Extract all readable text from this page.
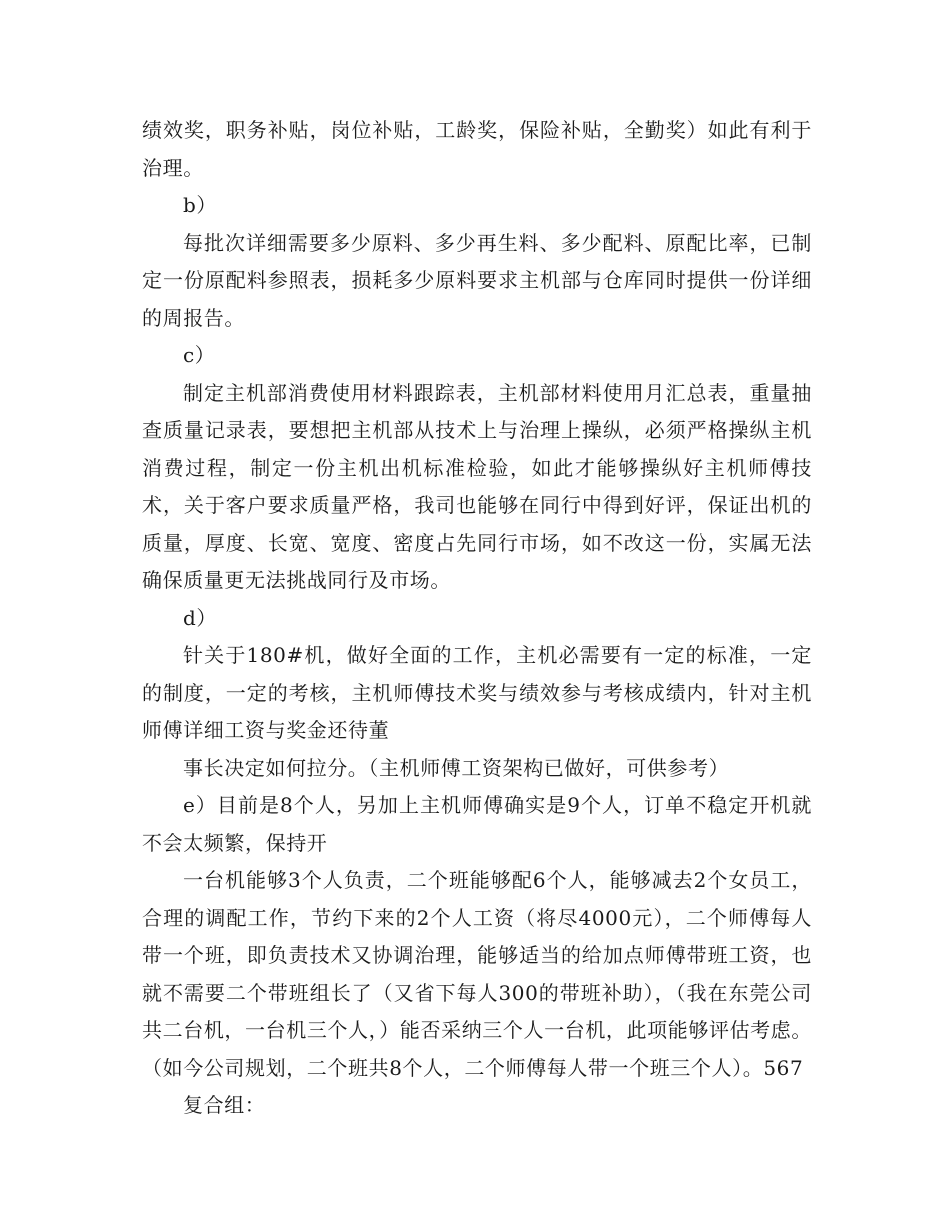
绩效奖，职务补贴，岗位补贴，工龄奖，保险补贴，全勤奖）如此有利于治理。

b）

每批次详细需要多少原料、多少再生料、多少配料、原配比率，已制定一份原配料参照表，损耗多少原料要求主机部与仓库同时提供一份详细的周报告。

c）

制定主机部消费使用材料跟踪表，主机部材料使用月汇总表，重量抽查质量记录表，要想把主机部从技术上与治理上操纵，必须严格操纵主机消费过程，制定一份主机出机标准检验，如此才能够操纵好主机师傅技术，关于客户要求质量严格，我司也能够在同行中得到好评，保证出机的质量，厚度、长宽、宽度、密度占先同行市场，如不改这一份，实属无法确保质量更无法挑战同行及市场。

d）

针关于180#机，做好全面的工作，主机必需要有一定的标准，一定的制度，一定的考核，主机师傅技术奖与绩效参与考核成绩内，针对主机师傅详细工资与奖金还待董

事长决定如何拉分。（主机师傅工资架构已做好，可供参考）

e）目前是8个人，另加上主机师傅确实是9个人，订单不稳定开机就不会太频繁，保持开

一台机能够3个人负责，二个班能够配6个人，能够减去2个女员工，合理的调配工作，节约下来的2个人工资（将尽4000元），二个师傅每人带一个班，即负责技术又协调治理，能够适当的给加点师傅带班工资，也就不需要二个带班组长了（又省下每人300的带班补助），（我在东莞公司共二台机，一台机三个人，）能否采纳三个人一台机，此项能够评估考虑。（如今公司规划，二个班共8个人，二个师傅每人带一个班三个人）。567

复合组：
